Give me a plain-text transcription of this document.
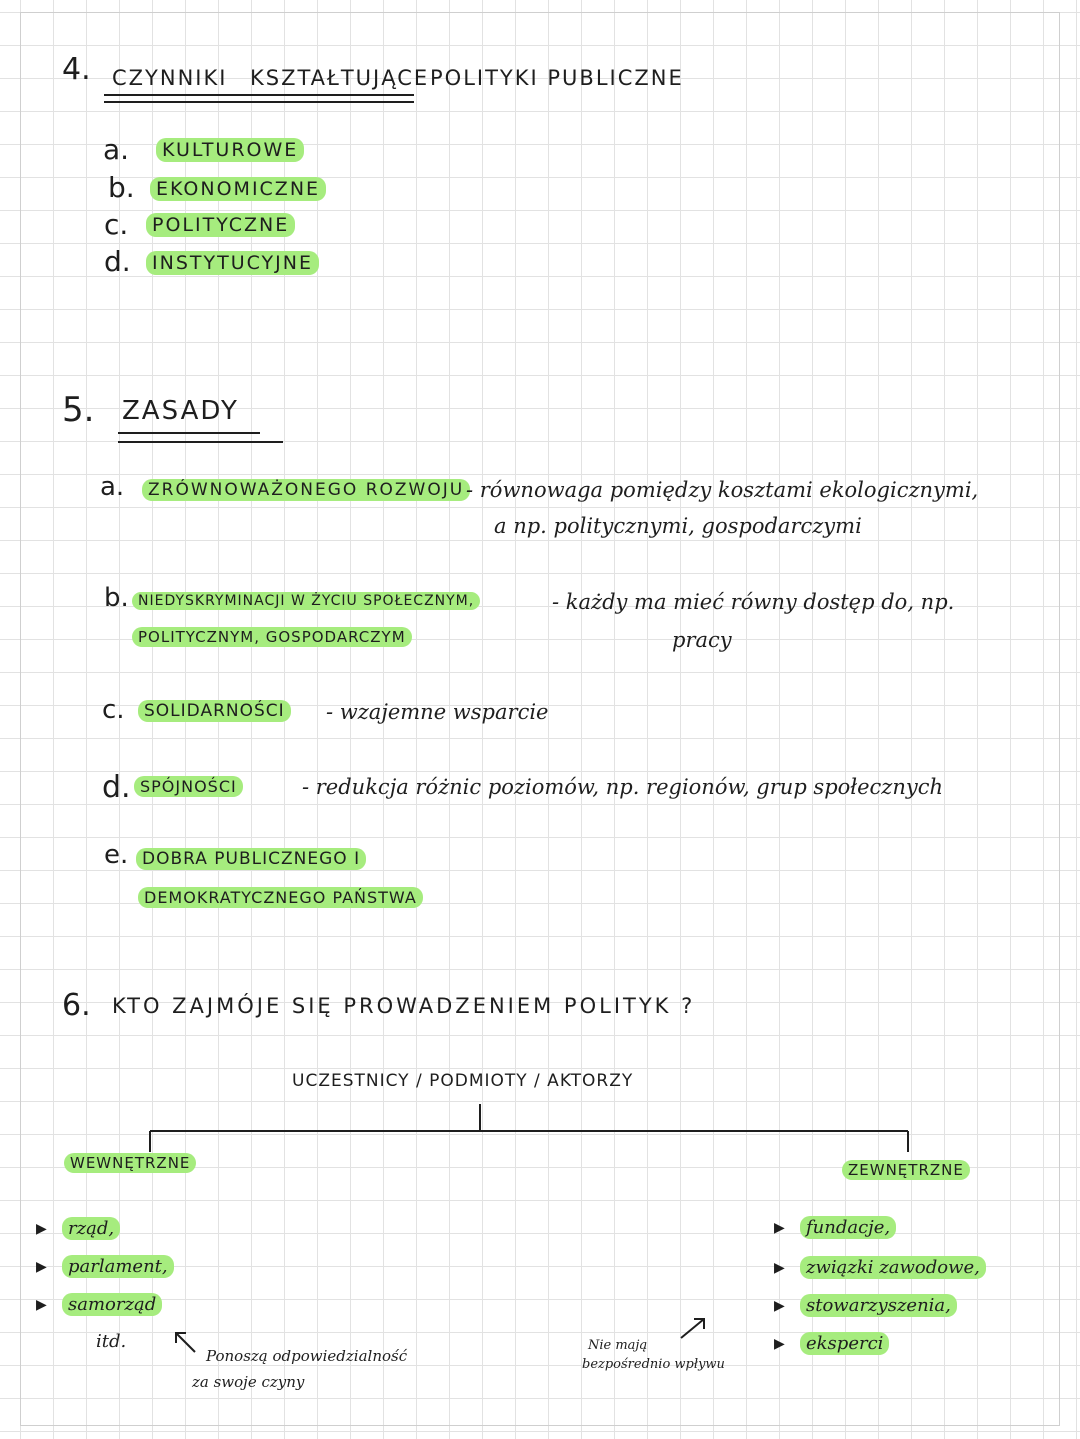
4. CZYNNIKI KSZTAŁTUJĄCE POLITYKI PUBLICZNE
a.	KULTUROWE
b.	EKONOMICZNE
c.	POLITYCZNE
d.	INSTYTUCYJNE
5. ZASADY
a.	ZRÓWNOWAŻONEGO ROZWOJU - równowaga pomiędzy kosztami ekologicznymi,
a np. politycznymi, gospodarczymi
b. NIEDYSKRYMINACJI W ŻYCIU SPOŁECZNYM,
POLITYCZNYM, GOSPODARCZYM
- każdy ma mieć równy dostęp do, np.
pracy
c.	SOLIDARNOŚCI - wzajemne wsparcie
d. SPÓJNOŚCI	- redukcja różnic poziomów, np. regionów, grup społecznych
e. DOBRA PUBLICZNEGO I
DEMOKRATYCZNEGO PAŃSTWA
6. KTO ZAJMÓJE SIĘ PROWADZENIEM POLITYK ?
UCZESTNICY / PODMIOTY / AKTORZY
WEWNĘTRZNE
▶	rząd,
▶	parlament,
▶	samorząd
itd.
Ponoszą odpowiedzialność
za swoje czyny
ZEWNĘTRZNE
▶	fundacje,
▶	związki zawodowe,
▶	stowarzyszenia,
▶	eksperci
Nie mają
bezpośrednio wpływu
